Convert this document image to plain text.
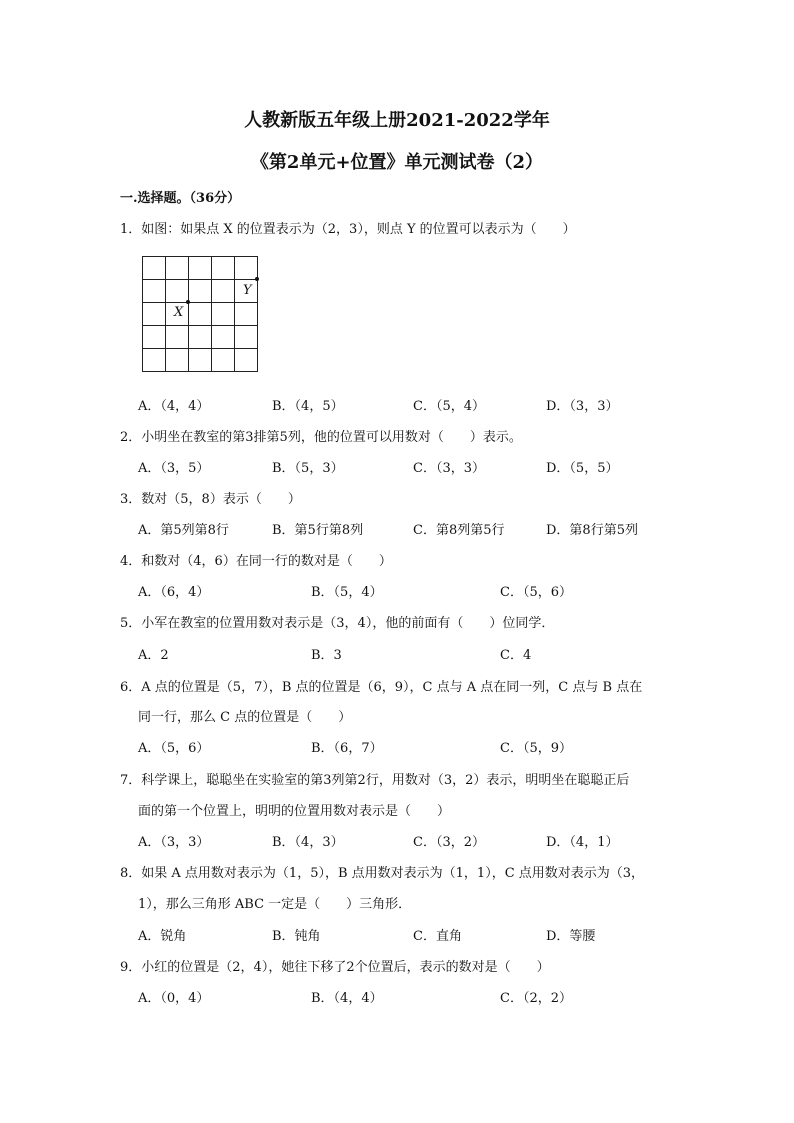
人教新版五年级上册2021-2022学年
《第2单元+位置》单元测试卷（2）
一.选择题。（36分）
1．如图：如果点 X 的位置表示为（2，3），则点 Y 的位置可以表示为（　　）
X
Y
A．（4，4）	B．（4，5）	C．（5，4）	D．（3，3）
2．小明坐在教室的第3排第5列，他的位置可以用数对（　　）表示。
A．（3，5）	B．（5，3）	C．（3，3）	D．（5，5）
3．数对（5，8）表示（　　）
A．第5列第8行	B．第5行第8列	C．第8列第5行	D．第8行第5列
4．和数对（4，6）在同一行的数对是（　　）
A．（6，4）	B．（5，4）	C．（5，6）
5．小军在教室的位置用数对表示是（3，4），他的前面有（　　）位同学．
A．2	B．3	C．4
6．A 点的位置是（5，7），B 点的位置是（6，9），C 点与 A 点在同一列，C 点与 B 点在
同一行，那么 C 点的位置是（　　）
A．（5，6）	B．（6，7）	C．（5，9）
7．科学课上，聪聪坐在实验室的第3列第2行，用数对（3，2）表示，明明坐在聪聪正后
面的第一个位置上，明明的位置用数对表示是（　　）
A．（3，3）	B．（4，3）	C．（3，2）	D．（4，1）
8．如果 A 点用数对表示为（1，5），B 点用数对表示为（1，1），C 点用数对表示为（3，
1），那么三角形 ABC 一定是（　　）三角形．
A．锐角	B．钝角	C．直角	D．等腰
9．小红的位置是（2，4），她往下移了2个位置后，表示的数对是（　　）
A．（0，4）	B．（4，4）	C．（2，2）
